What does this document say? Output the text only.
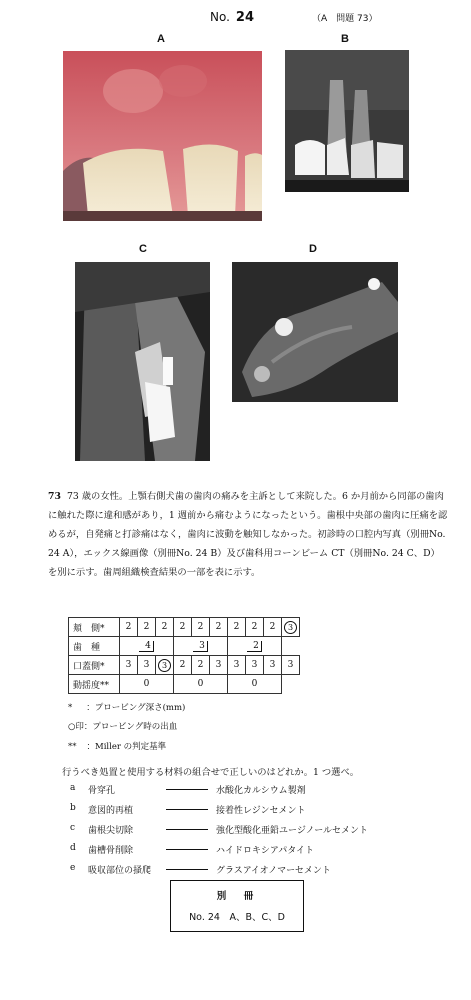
No. 24	（A　問題 73）
A	B
C	D
73 73 歳の女性。上顎右側犬歯の歯肉の痛みを主訴として来院した。6 か月前から同部の歯肉に触れた際に違和感があり，1 週前から痛むようになったという。歯根中央部の歯肉に圧痛を認めるが，自発痛と打診痛はなく，歯肉に波動を触知しなかった。初診時の口腔内写真（別冊No. 24 A），エックス線画像（別冊No. 24 B）及び歯科用コーンビーム CT（別冊No. 24 C、D）を別に示す。歯周組織検査結果の一部を表に示す。
頬　側*	2	2	2	2	2	2	2	2	2	3
歯　種	4			3			2			
口蓋側*	3	3	3	2	2	3	3	3	3	3
動揺度**	0			0			0			
* ：プロービング深さ(mm)
○印：プロービング時の出血
** ：Miller の判定基準
行うべき処置と使用する材料の組合せで正しいのはどれか。1 つ選べ。
a 骨穿孔	水酸化カルシウム製剤
b 意図的再植	接着性レジンセメント
c 歯根尖切除	強化型酸化亜鉛ユージノールセメント
d 歯槽骨削除	ハイドロキシアパタイト
e 吸収部位の掻爬	グラスアイオノマーセメント
別　冊
No. 24　A、B、C、D
